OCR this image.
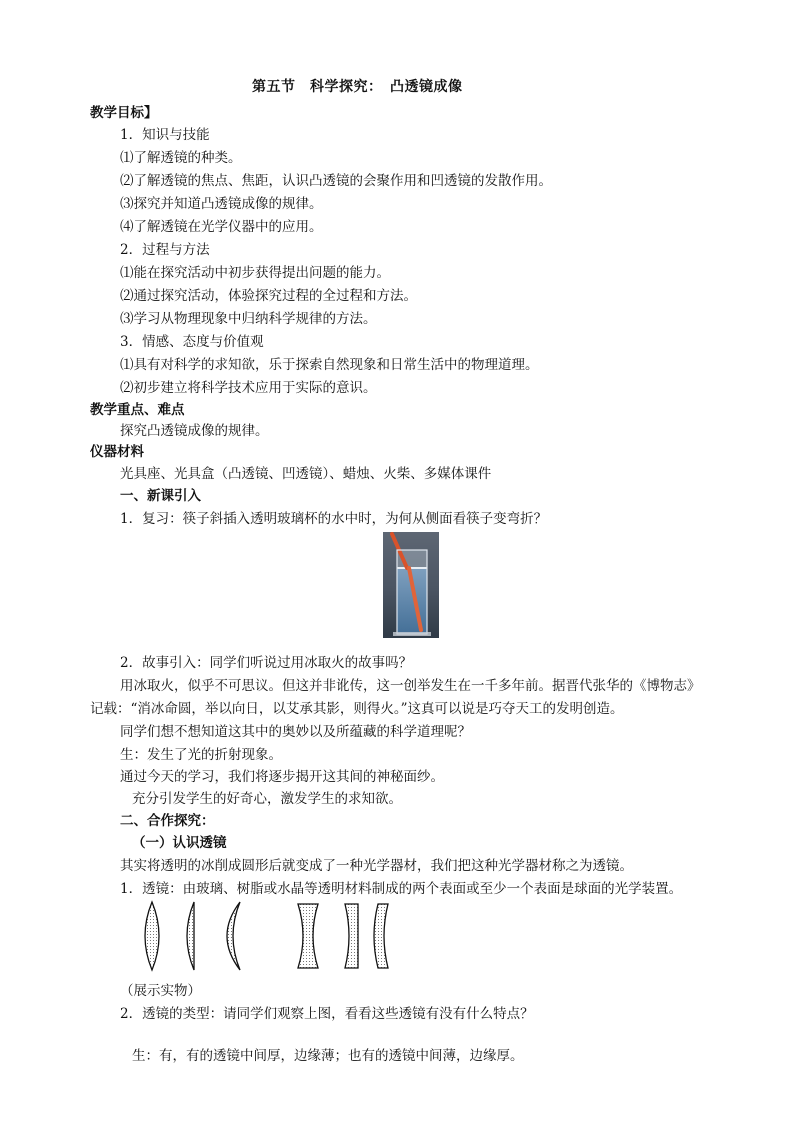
第五节　科学探究：　凸透镜成像
教学目标】
1．知识与技能
⑴了解透镜的种类。
⑵了解透镜的焦点、焦距，认识凸透镜的会聚作用和凹透镜的发散作用。
⑶探究并知道凸透镜成像的规律。
⑷了解透镜在光学仪器中的应用。
2．过程与方法
⑴能在探究活动中初步获得提出问题的能力。
⑵通过探究活动，体验探究过程的全过程和方法。
⑶学习从物理现象中归纳科学规律的方法。
3．情感、态度与价值观
⑴具有对科学的求知欲，乐于探索自然现象和日常生活中的物理道理。
⑵初步建立将科学技术应用于实际的意识。
教学重点、难点
探究凸透镜成像的规律。
仪器材料
光具座、光具盒（凸透镜、凹透镜）、蜡烛、火柴、多媒体课件
一、新课引入
1．复习：筷子斜插入透明玻璃杯的水中时，为何从侧面看筷子变弯折？
2．故事引入：同学们听说过用冰取火的故事吗？
用冰取火，似乎不可思议。但这并非讹传，这一创举发生在一千多年前。据晋代张华的《博物志》
记载：“消冰命圆，举以向日，以艾承其影，则得火。”这真可以说是巧夺天工的发明创造。
同学们想不想知道这其中的奥妙以及所蕴藏的科学道理呢？
生：发生了光的折射现象。
通过今天的学习，我们将逐步揭开这其间的神秘面纱。
充分引发学生的好奇心，激发学生的求知欲。
二、合作探究：
（一）认识透镜
其实将透明的冰削成圆形后就变成了一种光学器材，我们把这种光学器材称之为透镜。
1．透镜：由玻璃、树脂或水晶等透明材料制成的两个表面或至少一个表面是球面的光学装置。
（展示实物）
2．透镜的类型：请同学们观察上图，看看这些透镜有没有什么特点？
生：有，有的透镜中间厚，边缘薄；也有的透镜中间薄，边缘厚。
